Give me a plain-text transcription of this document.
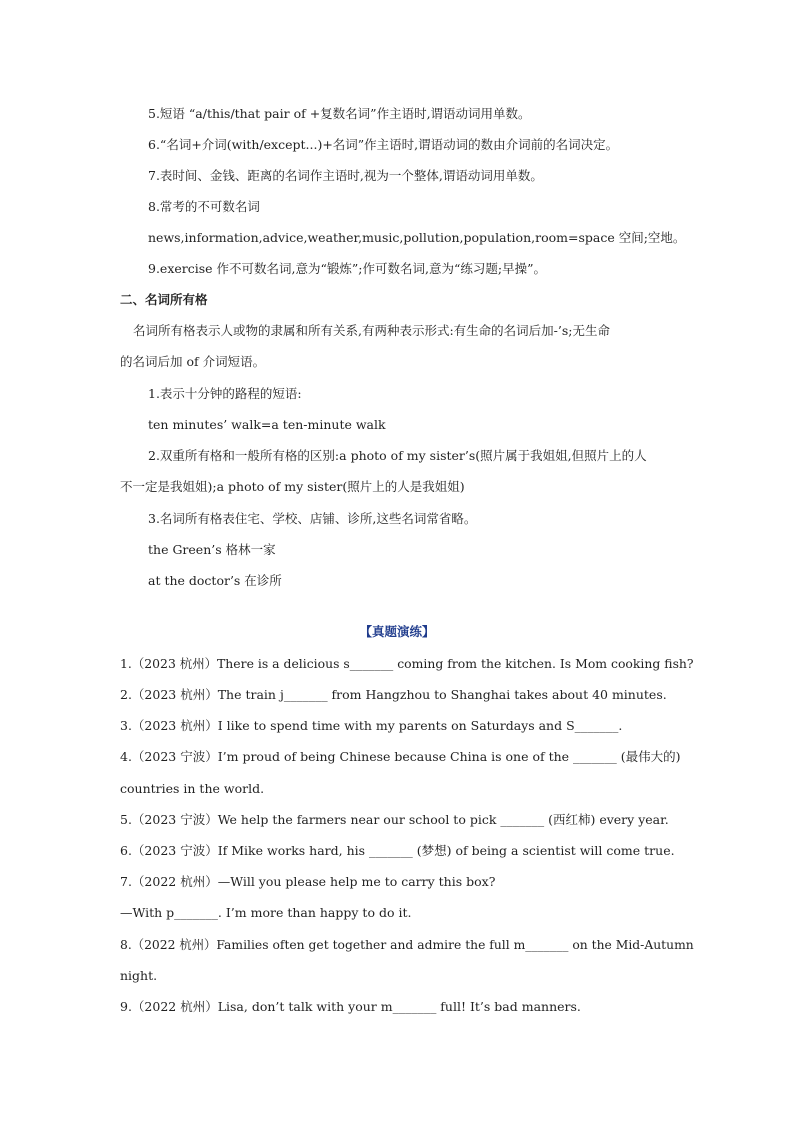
5.短语 “a/this/that pair of +复数名词”作主语时,谓语动词用单数。
6.“名词+介词(with/except...)+名词”作主语时,谓语动词的数由介词前的名词决定。
7.表时间、金钱、距离的名词作主语时,视为一个整体,谓语动词用单数。
8.常考的不可数名词
news,information,advice,weather,music,pollution,population,room=space 空间;空地。
9.exercise 作不可数名词,意为“锻炼”;作可数名词,意为“练习题;早操”。
二、名词所有格
名词所有格表示人或物的隶属和所有关系,有两种表示形式:有生命的名词后加-’s;无生命
的名词后加 of 介词短语。
1.表示十分钟的路程的短语:
ten minutes’ walk=a ten-minute walk
2.双重所有格和一般所有格的区别:a photo of my sister’s(照片属于我姐姐,但照片上的人
不一定是我姐姐);a photo of my sister(照片上的人是我姐姐)
3.名词所有格表住宅、学校、店铺、诊所,这些名词常省略。
the Green’s 格林一家
at the doctor’s 在诊所
【真题演练】
1.（2023 杭州）There is a delicious s_______ coming from the kitchen. Is Mom cooking fish?
2.（2023 杭州）The train j_______ from Hangzhou to Shanghai takes about 40 minutes.
3.（2023 杭州）I like to spend time with my parents on Saturdays and S_______.
4.（2023 宁波）I’m proud of being Chinese because China is one of the _______ (最伟大的)
countries in the world.
5.（2023 宁波）We help the farmers near our school to pick _______ (西红柿) every year.
6.（2023 宁波）If Mike works hard, his _______ (梦想) of being a scientist will come true.
7.（2022 杭州）—Will you please help me to carry this box?
—With p_______. I’m more than happy to do it.
8.（2022 杭州）Families often get together and admire the full m_______ on the Mid-Autumn
night.
9.（2022 杭州）Lisa, don’t talk with your m_______ full! It’s bad manners.
